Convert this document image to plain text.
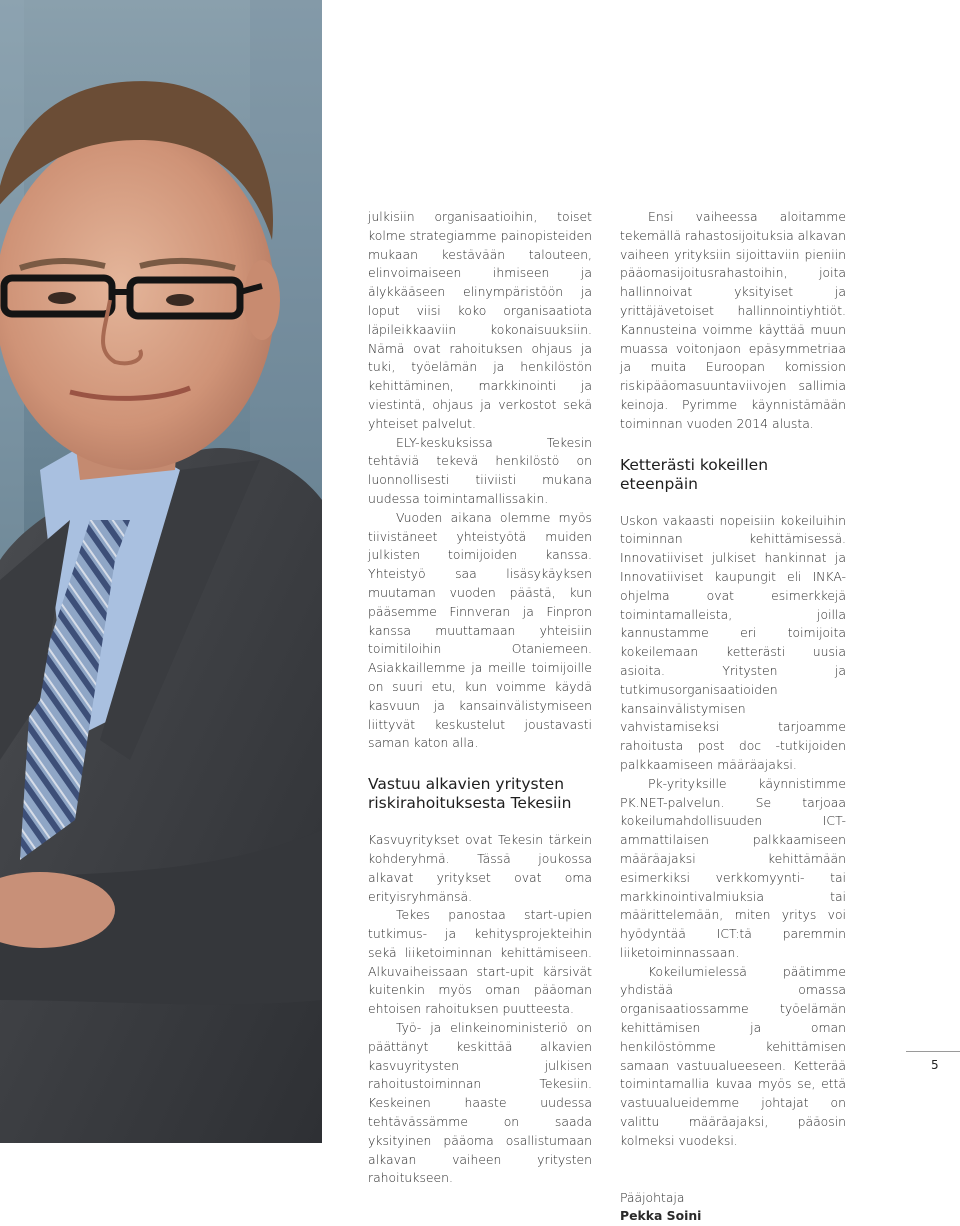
julkisiin organisaatioihin, toiset kolme strategiamme painopisteiden mukaan kestävään talouteen, elinvoimaiseen ihmiseen ja älykkääseen elinympäristöön ja loput viisi koko organisaatiota läpileikkaaviin kokonaisuuksiin. Nämä ovat rahoituksen ohjaus ja tuki, työelämän ja henkilöstön kehittäminen, markkinointi ja viestintä, ohjaus ja verkostot sekä yhteiset palvelut.

ELY-keskuksissa Tekesin tehtäviä tekevä henkilöstö on luonnollisesti tiiviisti mukana uudessa toimintamallissakin.

Vuoden aikana olemme myös tiivistäneet yhteistyötä muiden julkisten toimijoiden kanssa. Yhteistyö saa lisäsykäyksen muutaman vuoden päästä, kun pääsemme Finnveran ja Finpron kanssa muuttamaan yhteisiin toimitiloihin Otaniemeen. Asiakkaillemme ja meille toimijoille on suuri etu, kun voimme käydä kasvuun ja kansainvälistymiseen liittyvät keskustelut joustavasti saman katon alla.

Vastuu alkavien yritysten riskirahoituksesta Tekesiin

Kasvuyritykset ovat Tekesin tärkein kohderyhmä. Tässä joukossa alkavat yritykset ovat oma erityisryhmänsä.

Tekes panostaa start-upien tutkimus- ja kehitysprojekteihin sekä liiketoiminnan kehittämiseen. Alkuvaiheissaan start-upit kärsivät kuitenkin myös oman pääoman ehtoisen rahoituksen puutteesta.

Työ- ja elinkeinoministeriö on päättänyt keskittää alkavien kasvuyritysten julkisen rahoitustoiminnan Tekesiin. Keskeinen haaste uudessa tehtävässämme on saada yksityinen pääoma osallistumaan alkavan vaiheen yritysten rahoitukseen.

Ensi vaiheessa aloitamme tekemällä rahastosijoituksia alkavan vaiheen yrityksiin sijoittaviin pieniin pääomasijoitusrahastoihin, joita hallinnoivat yksityiset ja yrittäjävetoiset hallinnointiyhtiöt. Kannusteina voimme käyttää muun muassa voitonjaon epäsymmetriaa ja muita Euroopan komission riskipääomasuuntaviivojen sallimia keinoja. Pyrimme käynnistämään toiminnan vuoden 2014 alusta.

Ketterästi kokeillen eteenpäin

Uskon vakaasti nopeisiin kokeiluihin toiminnan kehittämisessä. Innovatiiviset julkiset hankinnat ja Innovatiiviset kaupungit eli INKA-ohjelma ovat esimerkkejä toimintamalleista, joilla kannustamme eri toimijoita kokeilemaan ketterästi uusia asioita. Yritysten ja tutkimusorganisaatioiden kansainvälistymisen vahvistamiseksi tarjoamme rahoitusta post doc -tutkijoiden palkkaamiseen määräajaksi.

Pk-yrityksille käynnistimme PK.NET-palvelun. Se tarjoaa kokeilumahdollisuuden ICT-ammattilaisen palkkaamiseen määräajaksi kehittämään esimerkiksi verkkomyynti- tai markkinointivalmiuksia tai määrittelemään, miten yritys voi hyödyntää ICT:tä paremmin liiketoiminnassaan.

Kokeilumielessä päätimme yhdistää omassa organisaatiossamme työelämän kehittämisen ja oman henkilöstömme kehittämisen samaan vastuualueeseen. Ketterää toimintamallia kuvaa myös se, että vastuualueidemme johtajat on valittu määräajaksi, pääosin kolmeksi vuodeksi.

Pääjohtaja

Pekka Soini

5
